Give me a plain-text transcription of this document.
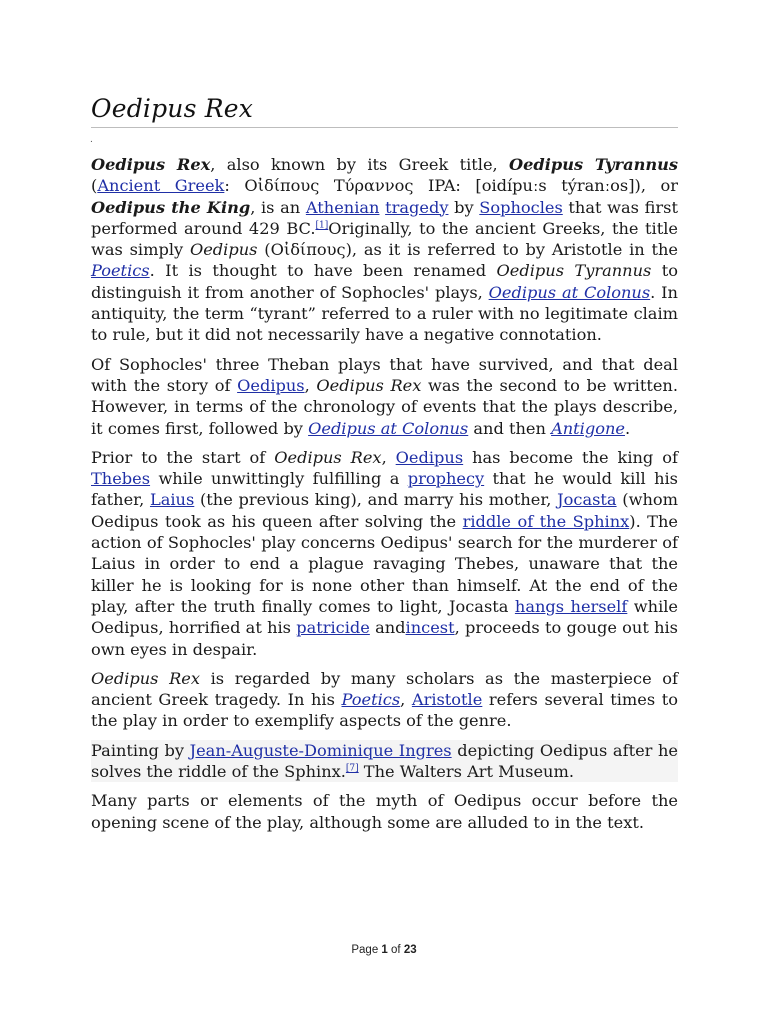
Oedipus Rex
.

Oedipus Rex, also known by its Greek title, Oedipus Tyrannus (Ancient Greek: Οἰδίπους Τύραννος IPA: [oidípuːs týranːos]), or Oedipus the King, is an Athenian tragedy by Sophocles that was first performed around 429 BC.[1]Originally, to the ancient Greeks, the title was simply Oedipus (Οἰδίπους), as it is referred to by Aristotle in the Poetics. It is thought to have been renamed Oedipus Tyrannus to distinguish it from another of Sophocles' plays, Oedipus at Colonus. In antiquity, the term “tyrant” referred to a ruler with no legitimate claim to rule, but it did not necessarily have a negative connotation.

Of Sophocles' three Theban plays that have survived, and that deal with the story of Oedipus, Oedipus Rex was the second to be written. However, in terms of the chronology of events that the plays describe, it comes first, followed by Oedipus at Colonus and then Antigone.

Prior to the start of Oedipus Rex, Oedipus has become the king of Thebes while unwittingly fulfilling a prophecy that he would kill his father, Laius (the previous king), and marry his mother, Jocasta (whom Oedipus took as his queen after solving the riddle of the Sphinx). The action of Sophocles' play concerns Oedipus' search for the murderer of Laius in order to end a plague ravaging Thebes, unaware that the killer he is looking for is none other than himself. At the end of the play, after the truth finally comes to light, Jocasta hangs herself while Oedipus, horrified at his patricide andincest, proceeds to gouge out his own eyes in despair.

Oedipus Rex is regarded by many scholars as the masterpiece of ancient Greek tragedy. In his Poetics, Aristotle refers several times to the play in order to exemplify aspects of the genre.

Painting by Jean-Auguste-Dominique Ingres depicting Oedipus after he solves the riddle of the Sphinx.[7] The Walters Art Museum.

Many parts or elements of the myth of Oedipus occur before the opening scene of the play, although some are alluded to in the text.

Page 1 of 23
